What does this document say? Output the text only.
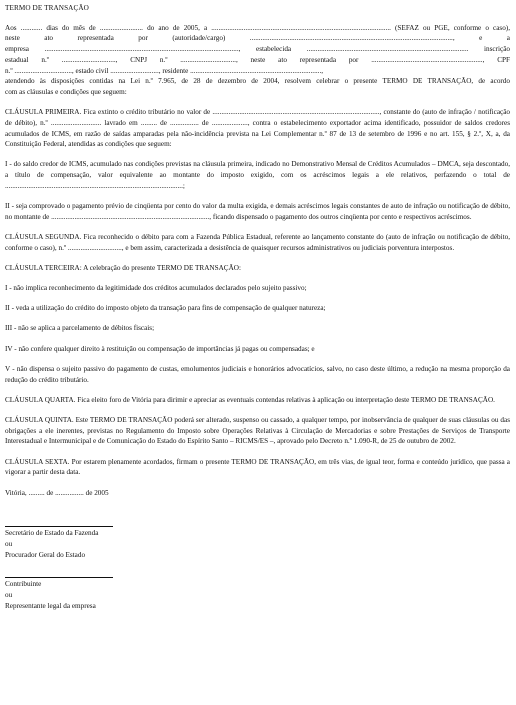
TERMO DE TRANSAÇÃO
Aos ............ dias do mês de ........................ do ano de 2005, a .................................................................................................... (SEFAZ ou PGE, conforme o caso),
neste ato representada por (autoridade/cargo) ................................................................................................................., e a
empresa ............................................................................................................, estabelecida .......................................................................................... inscrição
estadual n.º .............................., CNPJ n.º ..............................., neste ato representada por .............................................................., CPF
n.º ................................, estado civil ..........................., residente .........................................................................,
atendendo às disposições contidas na Lei n.º 7.965, de 28 de dezembro de 2004, resolvem celebrar o presente TERMO DE TRANSAÇÃO, de acordo
com as cláusulas e condições que seguem:
CLÁUSULA PRIMEIRA. Fica extinto o crédito tributário no valor de ............................................................................................., constante do (auto de infração / notificação de débito), n.º ............................ lavrado em ......... de ................ de ...................., contra o estabelecimento exportador acima identificado, possuidor de saldos credores acumulados de ICMS, em razão de saídas amparadas pela não-incidência prevista na Lei Complementar n.º 87 de 13 de setembro de 1996 e no art. 155, § 2.º, X, a, da Constituição Federal, atendidas as condições que seguem:
I - do saldo credor de ICMS, acumulado nas condições previstas na cláusula primeira, indicado no Demonstrativo Mensal de Créditos Acumulados – DMCA, seja descontado, a título de compensação, valor equivalente ao montante do imposto exigido, com os acréscimos legais a ele relativos, perfazendo o total de ...................................................................................................;
II - seja comprovado o pagamento prévio de cinqüenta por cento do valor da multa exigida, e demais acréscimos legais constantes de auto de infração ou notificação de débito, no montante de ........................................................................................, ficando dispensado o pagamento dos outros cinqüenta por cento e respectivos acréscimos.
CLÁUSULA SEGUNDA. Fica reconhecido o débito para com a Fazenda Pública Estadual, referente ao lançamento constante do (auto de infração ou notificação de débito, conforme o caso), n.º .............................., e bem assim, caracterizada a desistência de quaisquer recursos administrativos ou judiciais porventura interpostos.
CLÁUSULA TERCEIRA: A celebração do presente TERMO DE TRANSAÇÃO:
I - não implica reconhecimento da legitimidade dos créditos acumulados declarados pelo sujeito passivo;
II - veda a utilização do crédito do imposto objeto da transação para fins de compensação de qualquer natureza;
III - não se aplica a parcelamento de débitos fiscais;
IV - não confere qualquer direito à restituição ou compensação de importâncias já pagas ou compensadas; e
V - não dispensa o sujeito passivo do pagamento de custas, emolumentos judiciais e honorários advocatícios, salvo, no caso deste último, a redução na mesma proporção da redução do crédito tributário.
CLÁUSULA QUARTA. Fica eleito foro de Vitória para dirimir e apreciar as eventuais contendas relativas à aplicação ou interpretação deste TERMO DE TRANSAÇÃO.
CLÁUSULA QUINTA. Este TERMO DE TRANSAÇÃO poderá ser alterado, suspenso ou cassado, a qualquer tempo, por inobservância de qualquer de suas cláusulas ou das obrigações a ele inerentes, previstas no Regulamento do Imposto sobre Operações Relativas à Circulação de Mercadorias e sobre Prestações de Serviços de Transporte Interestadual e Intermunicipal e de Comunicação do Estado do Espírito Santo – RICMS/ES –, aprovado pelo Decreto n.º 1.090-R, de 25 de outubro de 2002.
CLÁUSULA SEXTA. Por estarem plenamente acordados, firmam o presente TERMO DE TRANSAÇÃO, em três vias, de igual teor, forma e conteúdo jurídico, que passa a vigorar a partir desta data.
Vitória, ......... de ................ de 2005
Secretário de Estado da Fazenda
ou
Procurador Geral do Estado
Contribuinte
ou
Representante legal da empresa
